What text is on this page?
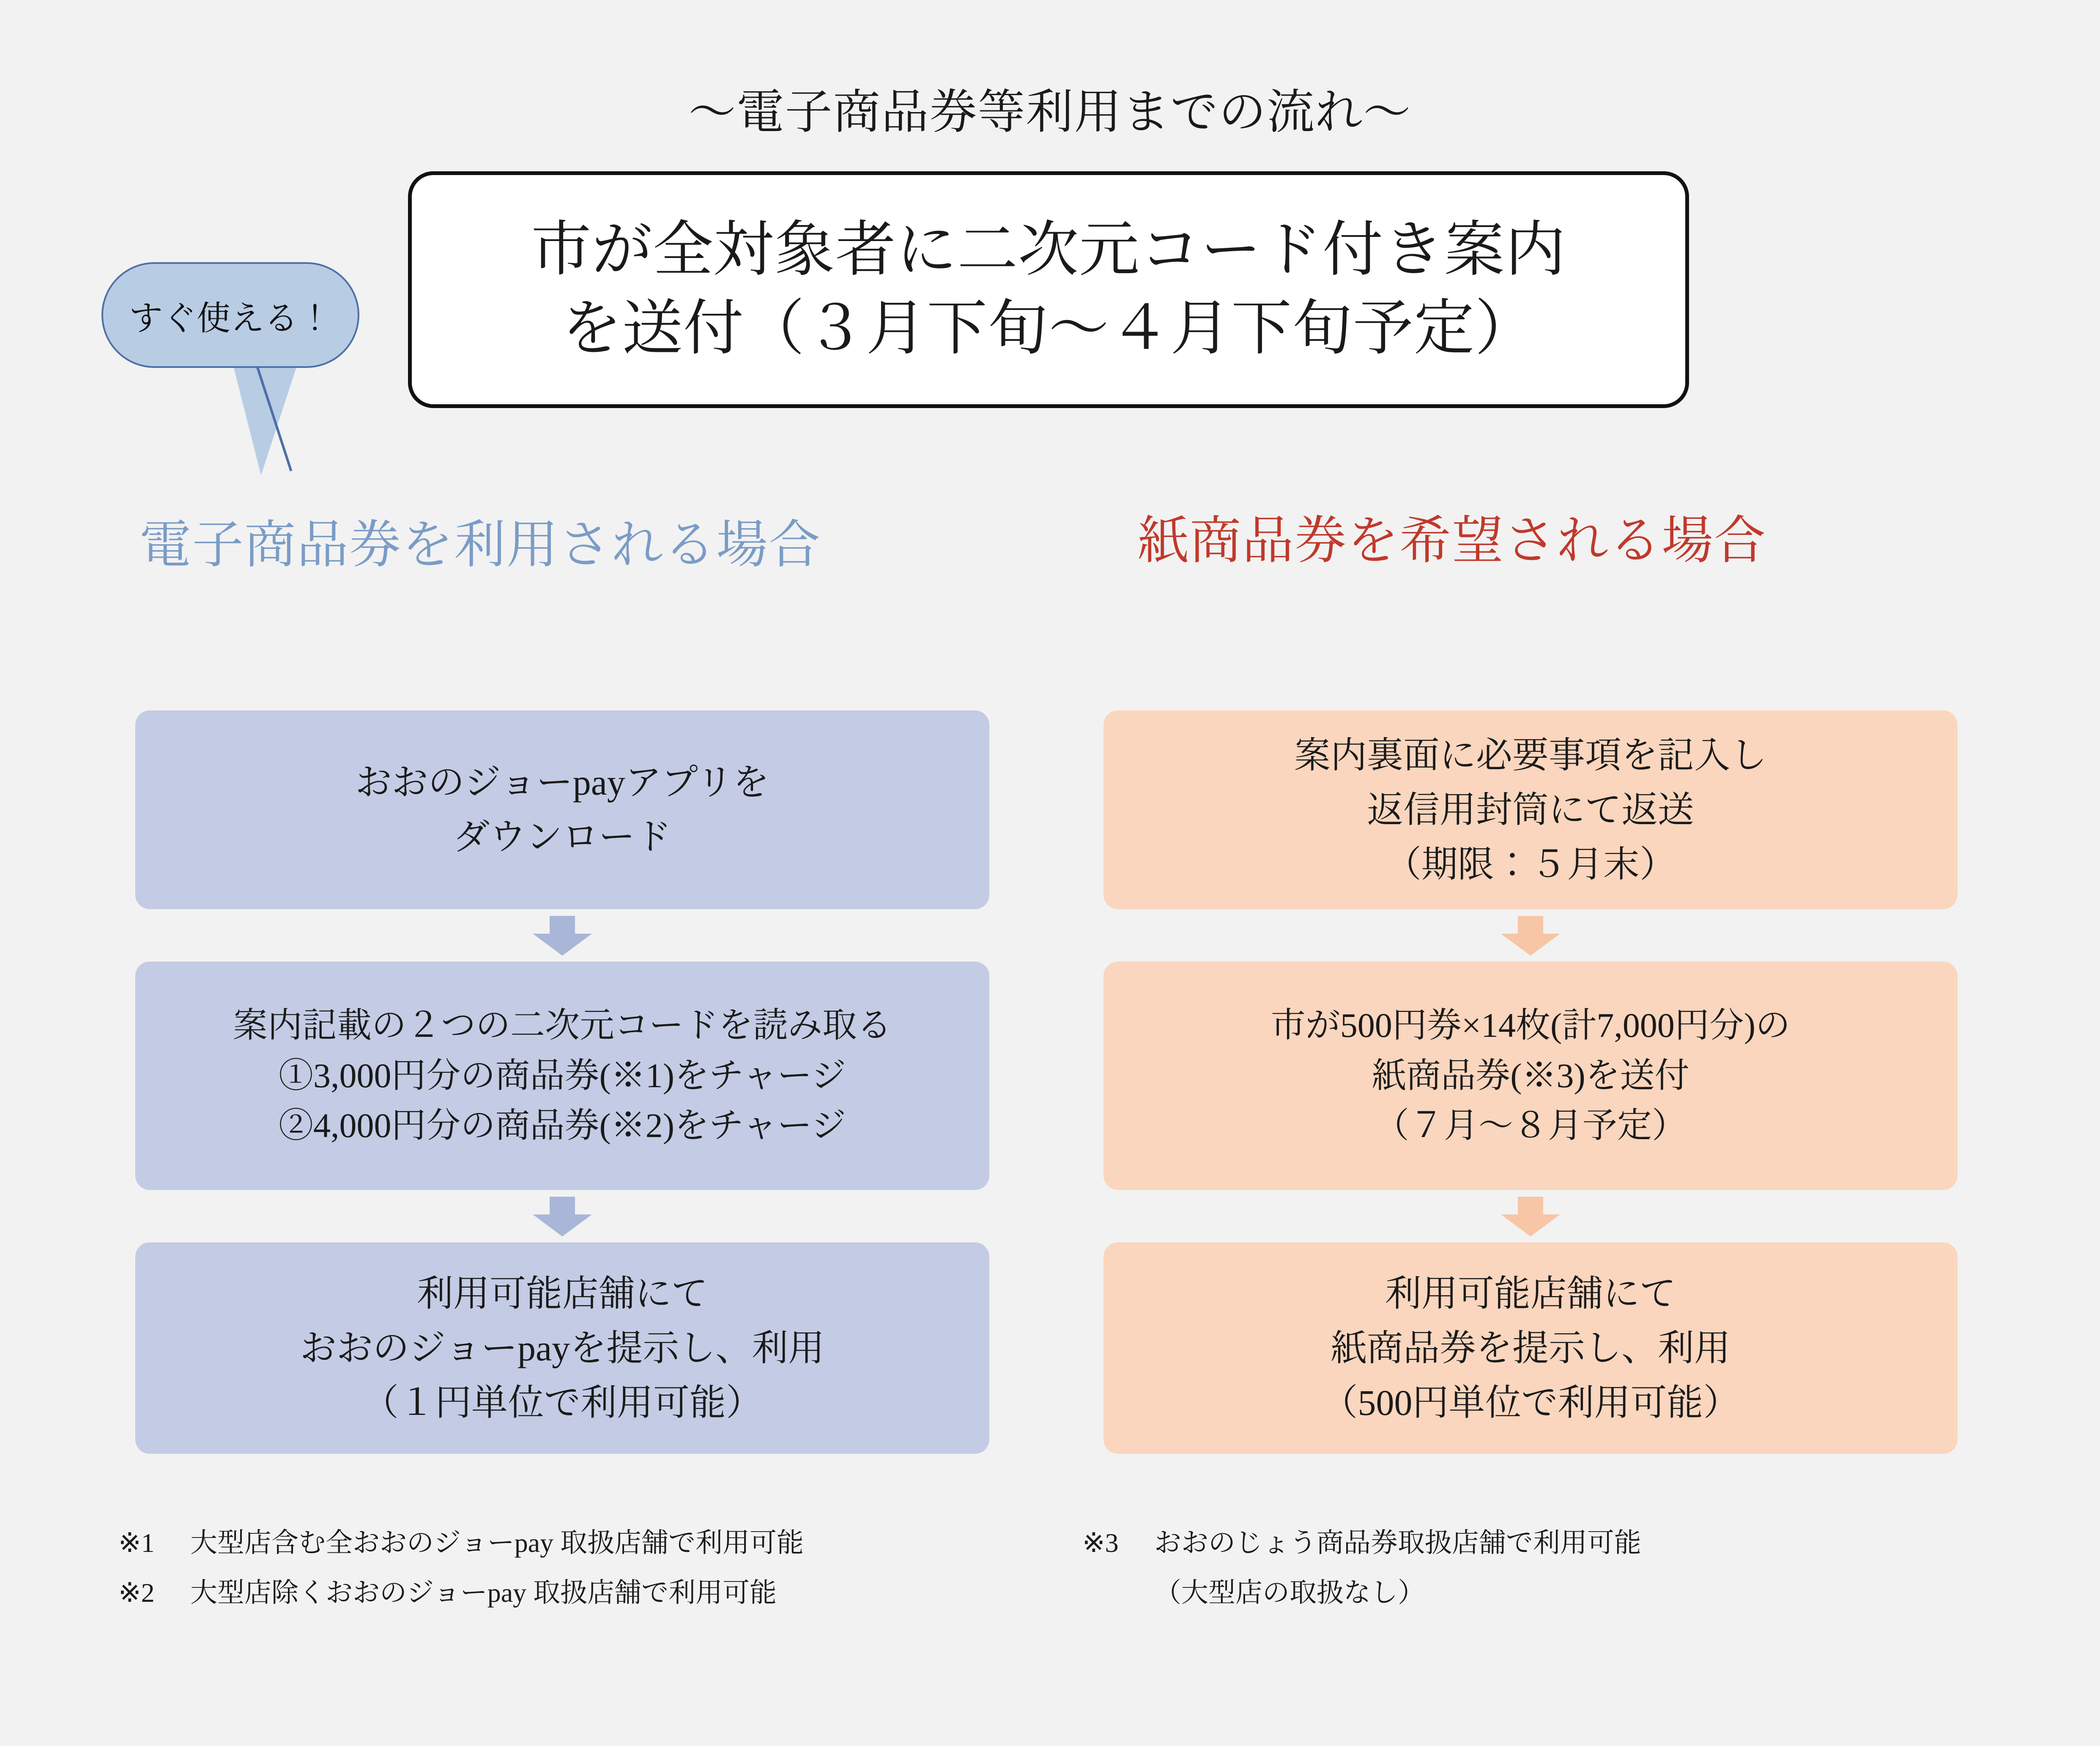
～電子商品券等利用までの流れ～
市が全対象者に二次元コード付き案内
を送付（３月下旬～４月下旬予定）
すぐ使える！
電子商品券を利用される場合
おおのジョーpayアプリを
ダウンロード
案内記載の２つの二次元コードを読み取る
①3,000円分の商品券(※1)をチャージ
②4,000円分の商品券(※2)をチャージ
利用可能店舗にて
おおのジョーpayを提示し、利用
（１円単位で利用可能）
※1 大型店含む全おおのジョーpay 取扱店舗で利用可能
※2 大型店除くおおのジョーpay 取扱店舗で利用可能
紙商品券を希望される場合
案内裏面に必要事項を記入し
返信用封筒にて返送
（期限：５月末）
市が500円券×14枚(計7,000円分)の
紙商品券(※3)を送付
（７月～８月予定）
利用可能店舗にて
紙商品券を提示し、利用
（500円単位で利用可能）
※3 おおのじょう商品券取扱店舗で利用可能
（大型店の取扱なし）
